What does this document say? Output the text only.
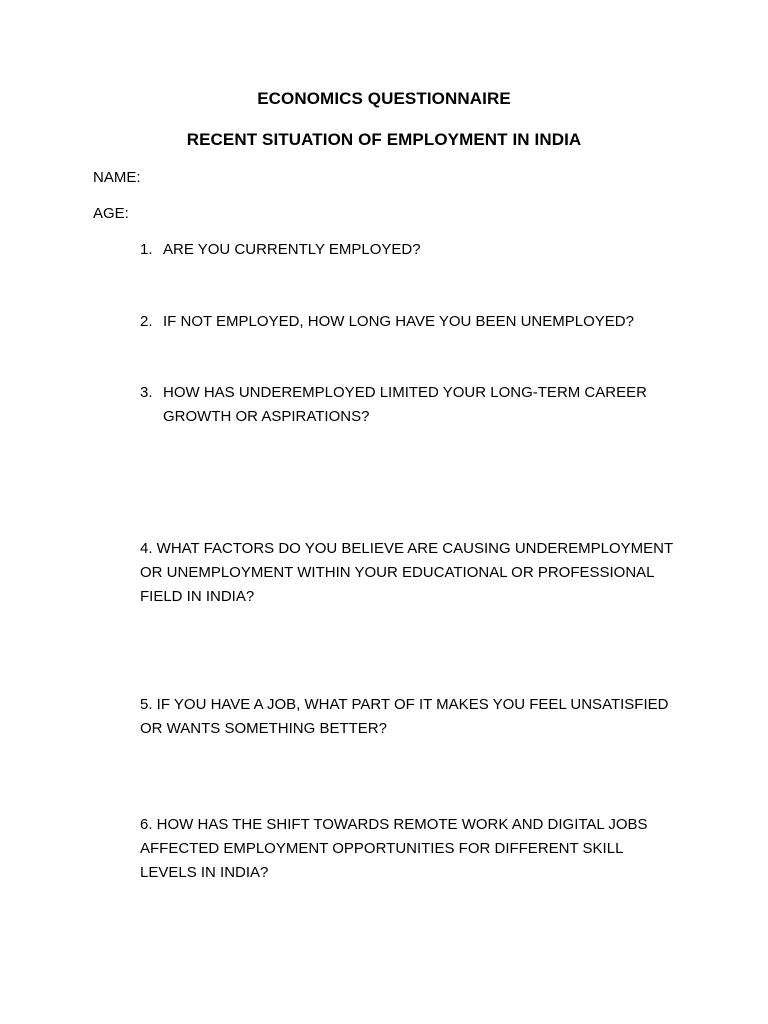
ECONOMICS QUESTIONNAIRE
RECENT SITUATION OF EMPLOYMENT IN INDIA
NAME:
AGE:
1. ARE YOU CURRENTLY EMPLOYED?
2. IF NOT EMPLOYED, HOW LONG HAVE YOU BEEN UNEMPLOYED?
3. HOW HAS UNDEREMPLOYED LIMITED YOUR LONG-TERM CAREER GROWTH OR ASPIRATIONS?
4. WHAT FACTORS DO YOU BELIEVE ARE CAUSING UNDEREMPLOYMENT OR UNEMPLOYMENT WITHIN YOUR EDUCATIONAL OR PROFESSIONAL FIELD IN INDIA?
5. IF YOU HAVE A JOB, WHAT PART OF IT MAKES YOU FEEL UNSATISFIED OR WANTS SOMETHING BETTER?
6. HOW HAS THE SHIFT TOWARDS REMOTE WORK AND DIGITAL JOBS AFFECTED EMPLOYMENT OPPORTUNITIES FOR DIFFERENT SKILL LEVELS IN INDIA?
